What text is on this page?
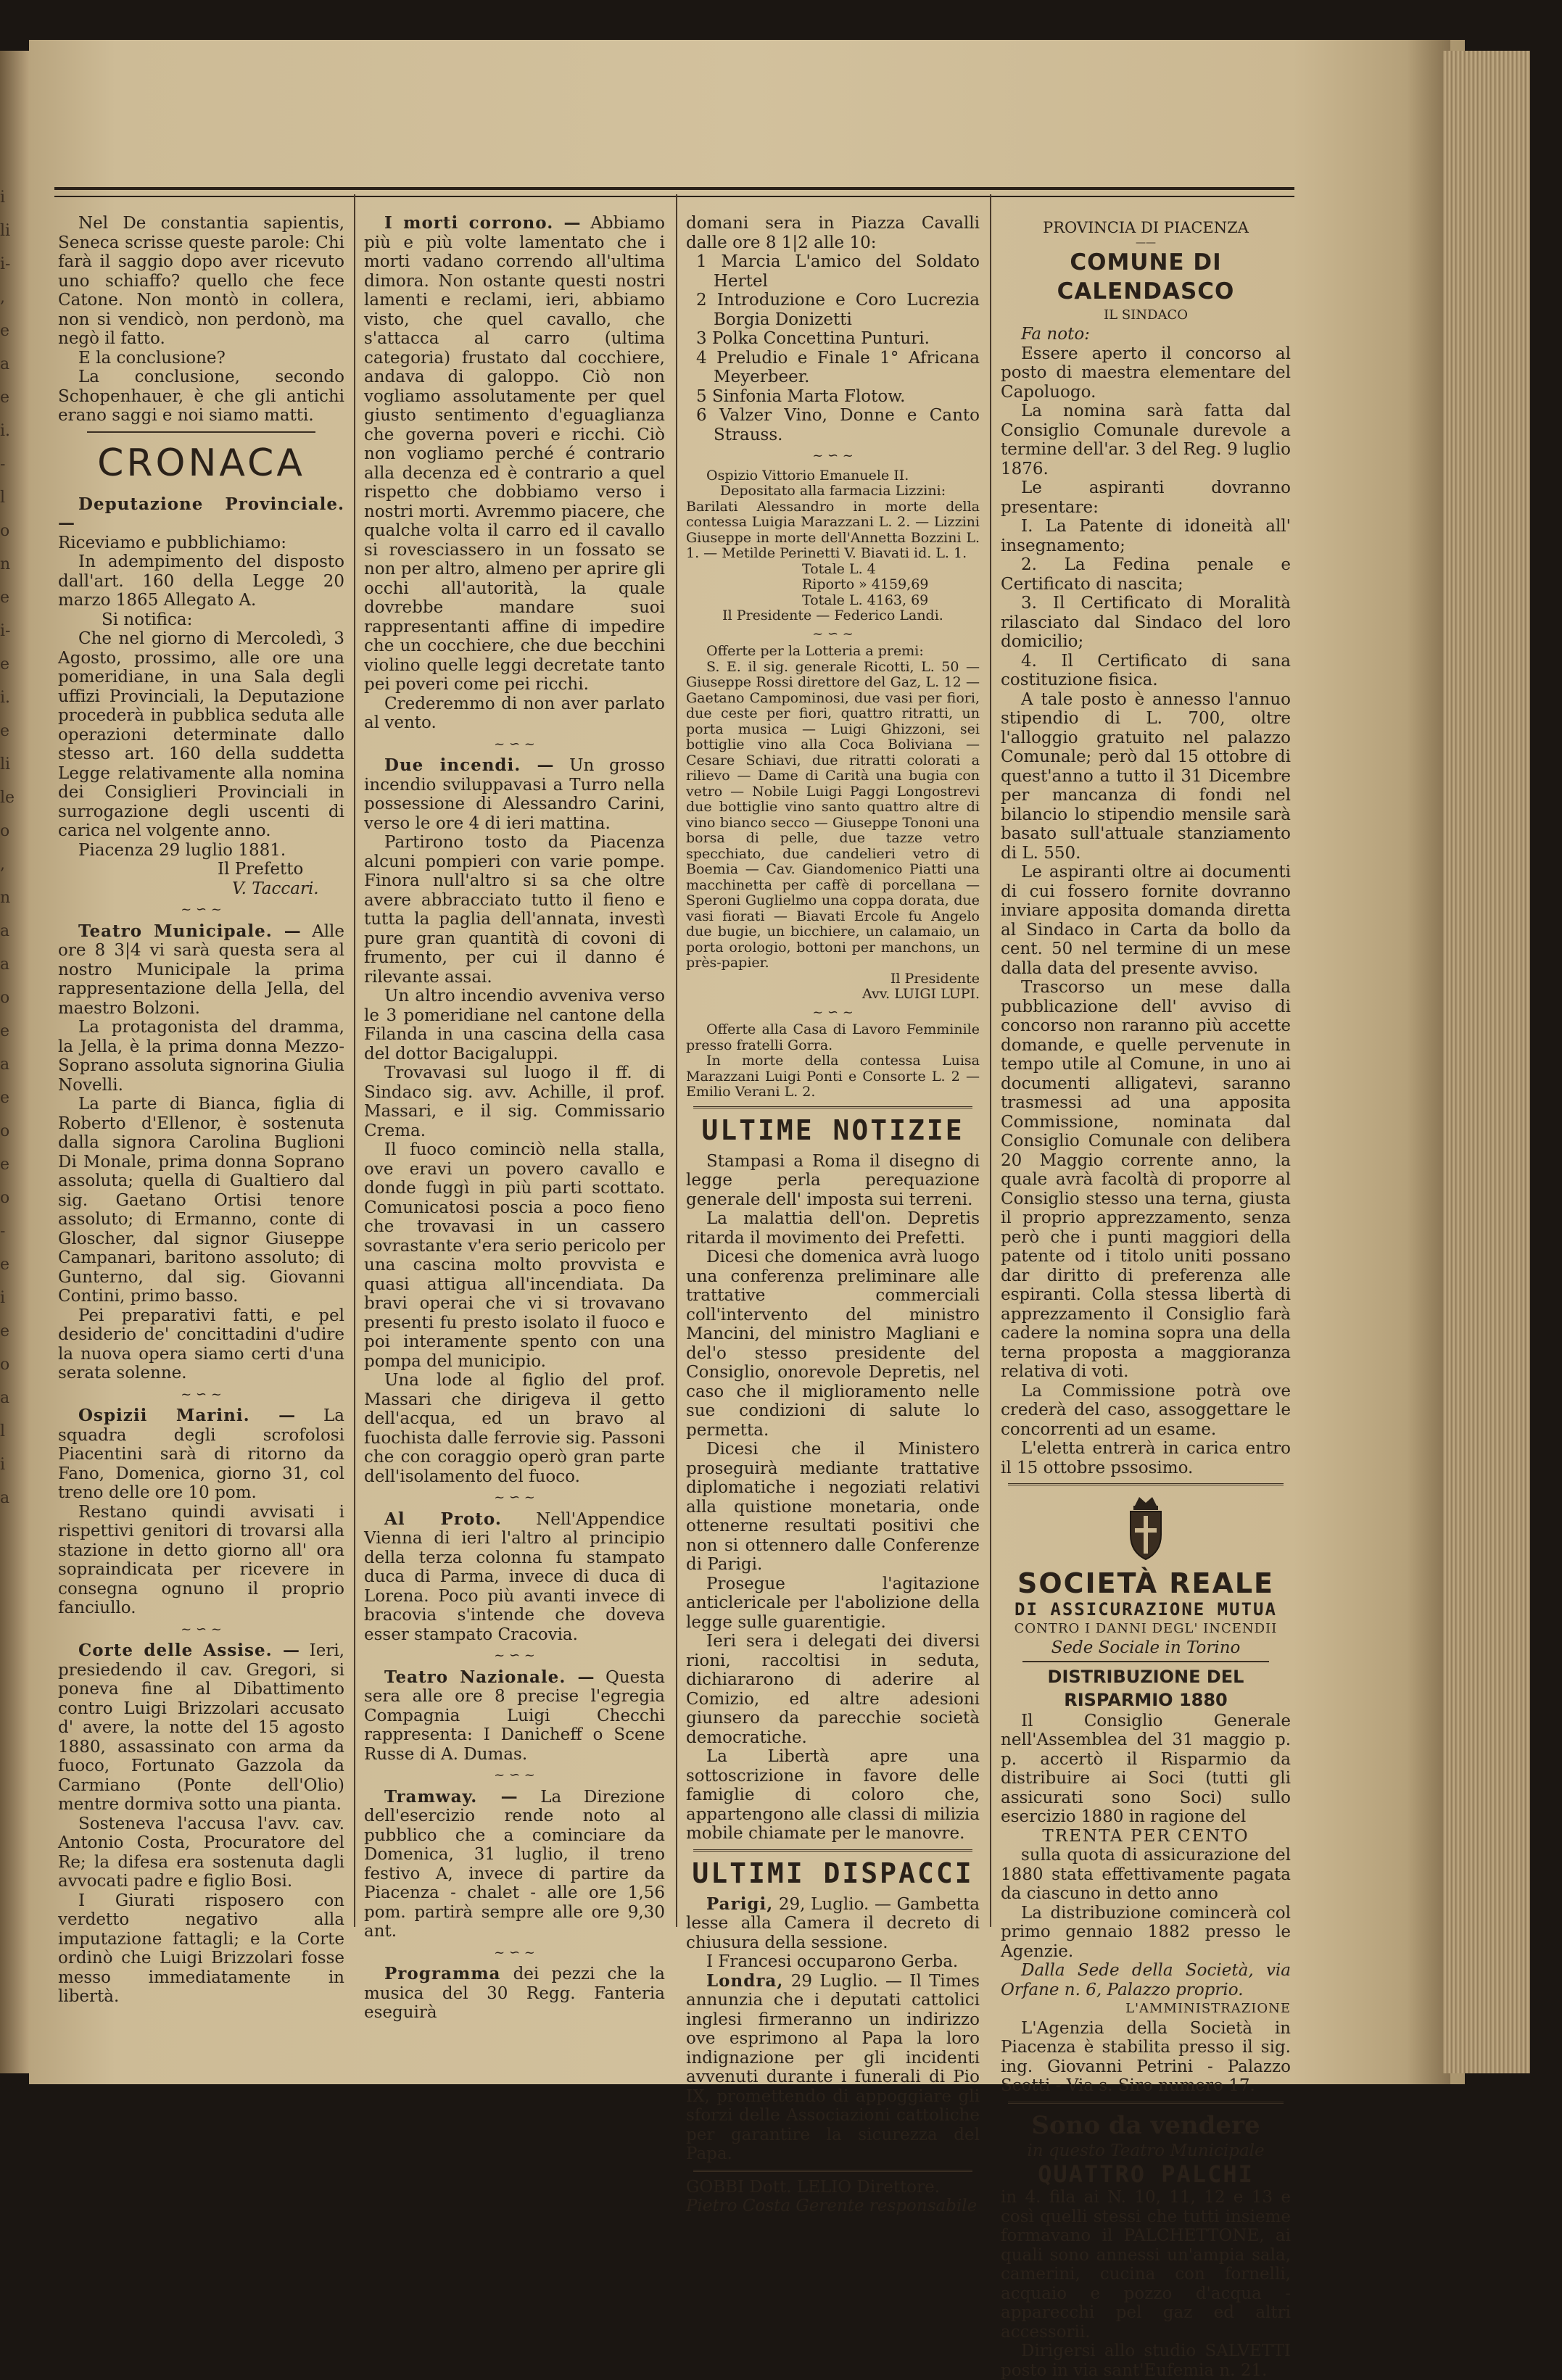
i
li
i-
,
e
a
e
i.
-
l
o
n
e
i-
e
i.
e
li
le
o
,
n
a
a
o
e
a
e
o
e
o
-
e
i
e
o
a
l
i
a

Nel De constantia sapientis, Seneca scrisse queste parole: Chi farà il saggio dopo aver ricevuto uno schiaffo? quello che fece Catone. Non montò in collera, non si vendicò, non perdonò, ma negò il fatto.

E la conclusione?

La conclusione, secondo Schopenhauer, è che gli antichi erano saggi e noi siamo matti.

CRONACA

Deputazione Provinciale. —

Riceviamo e pubblichiamo:

In adempimento del disposto dall'art. 160 della Legge 20 marzo 1865 Allegato A.

Si notifica:

Che nel giorno di Mercoledì, 3 Agosto, prossimo, alle ore una pomeridiane, in una Sala degli uffizi Provinciali, la Deputazione procederà in pubblica seduta alle operazioni determinate dallo stesso art. 160 della suddetta Legge relativamente alla nomina dei Consiglieri Provinciali in surrogazione degli uscenti di carica nel volgente anno.

Piacenza 29 luglio 1881.

Il Prefetto

V. Taccari.

~ ∽ ~

Teatro Municipale. — Alle ore 8 3|4 vi sarà questa sera al nostro Municipale la prima rappresentazione della Jella, del maestro Bolzoni.

La protagonista del dramma, la Jella, è la prima donna Mezzo-Soprano assoluta signorina Giulia Novelli.

La parte di Bianca, figlia di Roberto d'Ellenor, è sostenuta dalla signora Carolina Buglioni Di Monale, prima donna Soprano assoluta; quella di Gualtiero dal sig. Gaetano Ortisi tenore assoluto; di Ermanno, conte di Gloscher, dal signor Giuseppe Campanari, baritono assoluto; di Gunterno, dal sig. Giovanni Contini, primo basso.

Pei preparativi fatti, e pel desiderio de' concittadini d'udire la nuova opera siamo certi d'una serata solenne.

~ ∽ ~

Ospizii Marini. — La squadra degli scrofolosi Piacentini sarà di ritorno da Fano, Domenica, giorno 31, col treno delle ore 10 pom.

Restano quindi avvisati i rispettivi genitori di trovarsi alla stazione in detto giorno all' ora sopraindicata per ricevere in consegna ognuno il proprio fanciullo.

~ ∽ ~

Corte delle Assise. — Ieri, presiedendo il cav. Gregori, si poneva fine al Dibattimento contro Luigi Brizzolari accusato d' avere, la notte del 15 agosto 1880, assassinato con arma da fuoco, Fortunato Gazzola da Carmiano (Ponte dell'Olio) mentre dormiva sotto una pianta.

Sosteneva l'accusa l'avv. cav. Antonio Costa, Procuratore del Re; la difesa era sostenuta dagli avvocati padre e figlio Bosi.

I Giurati risposero con verdetto negativo alla imputazione fattagli; e la Corte ordinò che Luigi Brizzolari fosse messo immediatamente in libertà.

I morti corrono. — Abbiamo più e più volte lamentato che i morti vadano correndo all'ultima dimora. Non ostante questi nostri lamenti e reclami, ieri, abbiamo visto, che quel cavallo, che s'attacca al carro (ultima categoria) frustato dal cocchiere, andava di galoppo. Ciò non vogliamo assolutamente per quel giusto sentimento d'eguaglianza che governa poveri e ricchi. Ciò non vogliamo perché é contrario alla decenza ed è contrario a quel rispetto che dobbiamo verso i nostri morti. Avremmo piacere, che qualche volta il carro ed il cavallo si rovesciassero in un fossato se non per altro, almeno per aprire gli occhi all'autorità, la quale dovrebbe mandare suoi rappresentanti affine di impedire che un cocchiere, che due becchini violino quelle leggi decretate tanto pei poveri come pei ricchi.

Crederemmo di non aver parlato al vento.

~ ∽ ~

Due incendi. — Un grosso incendio sviluppavasi a Turro nella possessione di Alessandro Carini, verso le ore 4 di ieri mattina.

Partirono tosto da Piacenza alcuni pompieri con varie pompe. Finora null'altro si sa che oltre avere abbracciato tutto il fieno e tutta la paglia dell'annata, investì pure gran quantità di covoni di frumento, per cui il danno é rilevante assai.

Un altro incendio avveniva verso le 3 pomeridiane nel cantone della Filanda in una cascina della casa del dottor Bacigaluppi.

Trovavasi sul luogo il ff. di Sindaco sig. avv. Achille, il prof. Massari, e il sig. Commissario Crema.

Il fuoco cominciò nella stalla, ove eravi un povero cavallo e donde fuggì in più parti scottato. Comunicatosi poscia a poco fieno che trovavasi in un cassero sovrastante v'era serio pericolo per una cascina molto provvista e quasi attigua all'incendiata. Da bravi operai che vi si trovavano presenti fu presto isolato il fuoco e poi interamente spento con una pompa del municipio.

Una lode al figlio del prof. Massari che dirigeva il getto dell'acqua, ed un bravo al fuochista dalle ferrovie sig. Passoni che con coraggio operò gran parte dell'isolamento del fuoco.

~ ∽ ~

Al Proto. Nell'Appendice Vienna di ieri l'altro al principio della terza colonna fu stampato duca di Parma, invece di duca di Lorena. Poco più avanti invece di bracovia s'intende che doveva esser stampato Cracovia.

~ ∽ ~

Teatro Nazionale. — Questa sera alle ore 8 precise l'egregia Compagnia Luigi Checchi rappresenta: I Danicheff o Scene Russe di A. Dumas.

~ ∽ ~

Tramway. — La Direzione dell'esercizio rende noto al pubblico che a cominciare da Domenica, 31 luglio, il treno festivo A, invece di partire da Piacenza - chalet - alle ore 1,56 pom. partirà sempre alle ore 9,30 ant.

~ ∽ ~

Programma dei pezzi che la musica del 30 Regg. Fanteria eseguirà

domani sera in Piazza Cavalli dalle ore 8 1|2 alle 10:

1 Marcia L'amico del Soldato Hertel

2 Introduzione e Coro Lucrezia Borgia Donizetti

3 Polka Concettina Punturi.

4 Preludio e Finale 1° Africana Meyerbeer.

5 Sinfonia Marta Flotow.

6 Valzer Vino, Donne e Canto Strauss.

~ ∽ ~

Ospizio Vittorio Emanuele II.

Depositato alla farmacia Lizzini:

Barilati Alessandro in morte della contessa Luigia Marazzani L. 2. — Lizzini Giuseppe in morte dell'Annetta Bozzini L. 1. — Metilde Perinetti V. Biavati id. L. 1.

Totale L. 4

Riporto » 4159,69

Totale L. 4163, 69

Il Presidente — Federico Landi.

~ ∽ ~

Offerte per la Lotteria a premi:

S. E. il sig. generale Ricotti, L. 50 — Giuseppe Rossi direttore del Gaz, L. 12 — Gaetano Campominosi, due vasi per fiori, due ceste per fiori, quattro ritratti, un porta musica — Luigi Ghizzoni, sei bottiglie vino alla Coca Boliviana — Cesare Schiavi, due ritratti colorati a rilievo — Dame di Carità una bugia con vetro — Nobile Luigi Paggi Longostrevi due bottiglie vino santo quattro altre di vino bianco secco — Giuseppe Tononi una borsa di pelle, due tazze vetro specchiato, due candelieri vetro di Boemia — Cav. Giandomenico Piatti una macchinetta per caffè di porcellana — Speroni Guglielmo una coppa dorata, due vasi fiorati — Biavati Ercole fu Angelo due bugie, un bicchiere, un calamaio, un porta orologio, bottoni per manchons, un près-papier.

Il Presidente

Avv. LUIGI LUPI.

~ ∽ ~

Offerte alla Casa di Lavoro Femminile presso fratelli Gorra.

In morte della contessa Luisa Marazzani Luigi Ponti e Consorte L. 2 — Emilio Verani L. 2.

ULTIME NOTIZIE

Stampasi a Roma il disegno di legge perla perequazione generale dell' imposta sui terreni.

La malattia dell'on. Depretis ritarda il movimento dei Prefetti.

Dicesi che domenica avrà luogo una conferenza preliminare alle trattative commerciali coll'intervento del ministro Mancini, del ministro Magliani e del'o stesso presidente del Consiglio, onorevole Depretis, nel caso che il miglioramento nelle sue condizioni di salute lo permetta.

Dicesi che il Ministero proseguirà mediante trattative diplomatiche i negoziati relativi alla quistione monetaria, onde ottenerne resultati positivi che non si ottennero dalle Conferenze di Parigi.

Prosegue l'agitazione anticlericale per l'abolizione della legge sulle guarentigie.

Ieri sera i delegati dei diversi rioni, raccoltisi in seduta, dichiararono di aderire al Comizio, ed altre adesioni giunsero da parecchie società democratiche.

La Libertà apre una sottoscrizione in favore delle famiglie di coloro che, appartengono alle classi di milizia mobile chiamate per le manovre.

ULTIMI DISPACCI

Parigi, 29, Luglio. — Gambetta lesse alla Camera il decreto di chiusura della sessione.

I Francesi occuparono Gerba.

Londra, 29 Luglio. — Il Times annunzia che i deputati cattolici inglesi firmeranno un indirizzo ove esprimono al Papa la loro indignazione per gli incidenti avvenuti durante i funerali di Pio IX, promettendo di appoggiare gli sforzi delle Associazioni cattoliche per garantire la sicurezza del Papa.

GOBBI Dott. LELIO Direttore.

Pietro Costa Gerente responsabile

PROVINCIA DI PIACENZA

——

COMUNE DI CALENDASCO

IL SINDACO

Fa noto:

Essere aperto il concorso al posto di maestra elementare del Capoluogo.

La nomina sarà fatta dal Consiglio Comunale durevole a termine dell'ar. 3 del Reg. 9 luglio 1876.

Le aspiranti dovranno presentare:

I. La Patente di idoneità all' insegnamento;

2. La Fedina penale e Certificato di nascita;

3. Il Certificato di Moralità rilasciato dal Sindaco del loro domicilio;

4. Il Certificato di sana costituzione fisica.

A tale posto è annesso l'annuo stipendio di L. 700, oltre l'alloggio gratuito nel palazzo Comunale; però dal 15 ottobre di quest'anno a tutto il 31 Dicembre per mancanza di fondi nel bilancio lo stipendio mensile sarà basato sull'attuale stanziamento di L. 550.

Le aspiranti oltre ai documenti di cui fossero fornite dovranno inviare apposita domanda diretta al Sindaco in Carta da bollo da cent. 50 nel termine di un mese dalla data del presente avviso.

Trascorso un mese dalla pubblicazione dell' avviso di concorso non raranno più accette domande, e quelle pervenute in tempo utile al Comune, in uno ai documenti alligatevi, saranno trasmessi ad una apposita Commissione, nominata dal Consiglio Comunale con delibera 20 Maggio corrente anno, la quale avrà facoltà di proporre al Consiglio stesso una terna, giusta il proprio apprezzamento, senza però che i punti maggiori della patente od i titolo uniti possano dar diritto di preferenza alle espiranti. Colla stessa libertà di apprezzamento il Consiglio farà cadere la nomina sopra una della terna proposta a maggioranza relativa di voti.

La Commissione potrà ove crederà del caso, assoggettare le concorrenti ad un esame.

L'eletta entrerà in carica entro il 15 ottobre pssosimo.

SOCIETÀ REALE

DI ASSICURAZIONE MUTUA

CONTRO I DANNI DEGL' INCENDII

Sede Sociale in Torino

DISTRIBUZIONE DEL RISPARMIO 1880

Il Consiglio Generale nell'Assemblea del 31 maggio p. p. accertò il Risparmio da distribuire ai Soci (tutti gli assicurati sono Soci) sullo esercizio 1880 in ragione del

TRENTA PER CENTO

sulla quota di assicurazione del 1880 stata effettivamente pagata da ciascuno in detto anno

La distribuzione comincerà col primo gennaio 1882 presso le Agenzie.

Dalla Sede della Società, via Orfane n. 6, Palazzo proprio.

L'AMMINISTRAZIONE

L'Agenzia della Società in Piacenza è stabilita presso il sig. ing. Giovanni Petrini - Palazzo Scotti - Via s. Siro numero 17.

Sono da vendere

in questo Teatro Municipale

QUATTRO PALCHI

in 4. fila ai N. 10, 11, 12 e 13 e così quelli stessi che tutti insieme formavano il PALCHETTONE, ai quali sono annessi un'ampia sala, camerini, cucina con fornelli, acquaio e pozzo d'acqua - apparecchi pel gaz ed altri accessorii.

Dirigersi allo studio SALVETTI posto in via sant'Eufemia n. 21.
